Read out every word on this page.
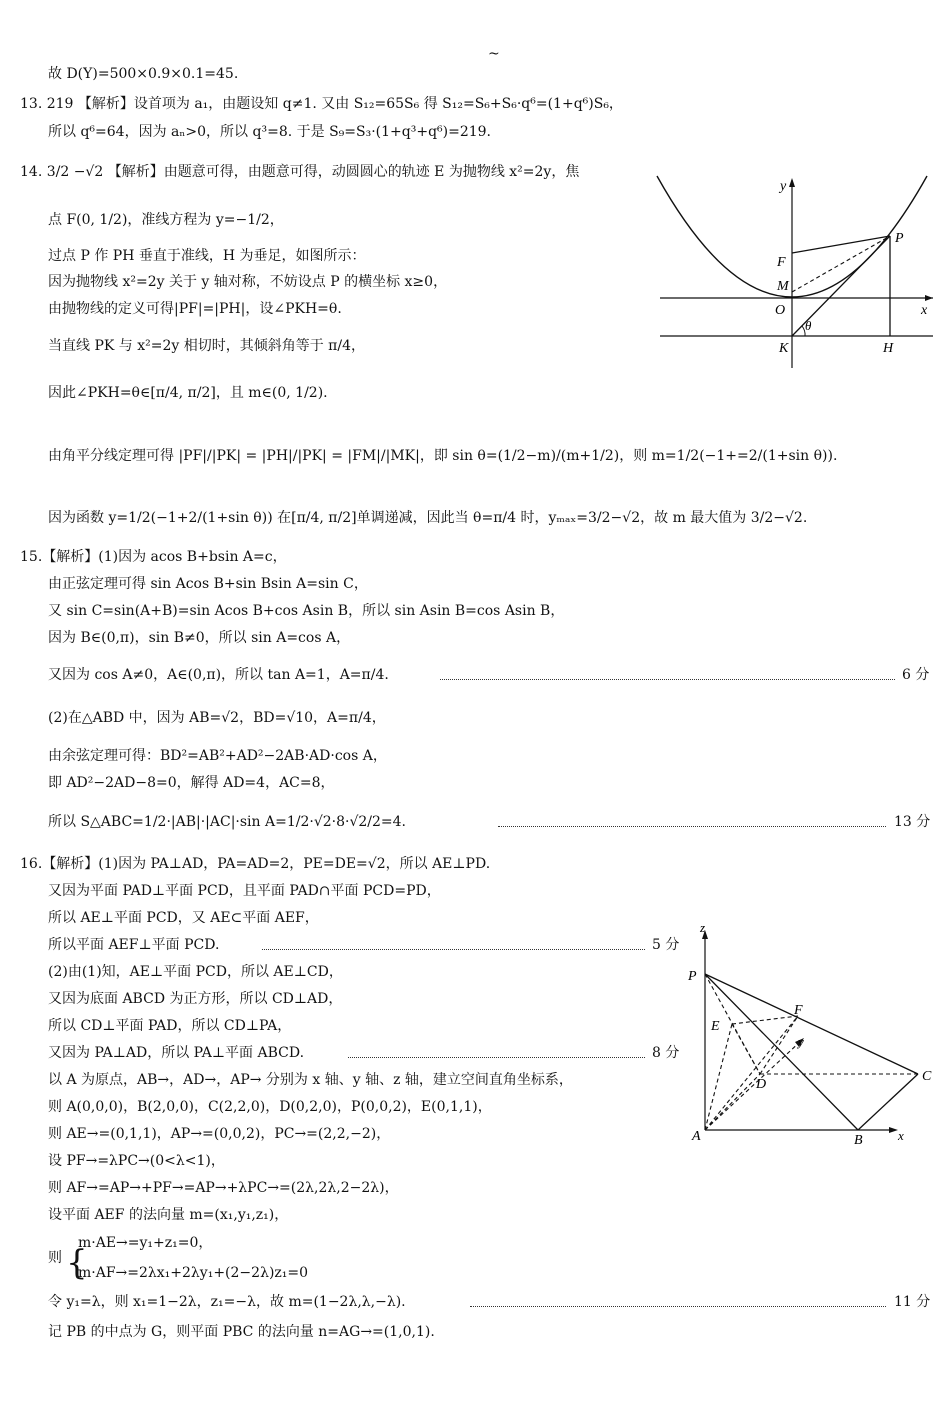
~
故 D(Y)=500×0.9×0.1=45.
13. 219 【解析】设首项为 a₁，由题设知 q≠1. 又由 S₁₂=65S₆ 得 S₁₂=S₆+S₆·q⁶=(1+q⁶)S₆，
所以 q⁶=64，因为 aₙ>0，所以 q³=8. 于是 S₉=S₃·(1+q³+q⁶)=219.
14. 3/2 −√2 【解析】由题意可得，由题意可得，动圆圆心的轨迹 E 为抛物线 x²=2y，焦
点 F(0, 1/2)，准线方程为 y=−1/2，
过点 P 作 PH 垂直于准线，H 为垂足，如图所示：
因为抛物线 x²=2y 关于 y 轴对称，不妨设点 P 的横坐标 x≥0，
由抛物线的定义可得|PF|=|PH|，设∠PKH=θ.
当直线 PK 与 x²=2y 相切时，其倾斜角等于 π/4，
因此∠PKH=θ∈[π/4, π/2]，且 m∈(0, 1/2).
由角平分线定理可得 |PF|/|PK| = |PH|/|PK| = |FM|/|MK|，即 sin θ=(1/2−m)/(m+1/2)，则 m=1/2(−1+=2/(1+sin θ)).
因为函数 y=1/2(−1+2/(1+sin θ)) 在[π/4, π/2]单调递减，因此当 θ=π/4 时，yₘₐₓ=3/2−√2，故 m 最大值为 3/2−√2.
15.【解析】(1)因为 acos B+bsin A=c，
由正弦定理可得 sin Acos B+sin Bsin A=sin C，
又 sin C=sin(A+B)=sin Acos B+cos Asin B，所以 sin Asin B=cos Asin B，
因为 B∈(0,π)，sin B≠0，所以 sin A=cos A，
又因为 cos A≠0，A∈(0,π)，所以 tan A=1，A=π/4.
(2)在△ABD 中，因为 AB=√2，BD=√10，A=π/4，
由余弦定理可得：BD²=AB²+AD²−2AB·AD·cos A，
即 AD²−2AD−8=0，解得 AD=4，AC=8，
所以 S△ABC=1/2·|AB|·|AC|·sin A=1/2·√2·8·√2/2=4.
16.【解析】(1)因为 PA⊥AD，PA=AD=2，PE=DE=√2，所以 AE⊥PD.
又因为平面 PAD⊥平面 PCD，且平面 PAD∩平面 PCD=PD，
所以 AE⊥平面 PCD，又 AE⊂平面 AEF，
所以平面 AEF⊥平面 PCD.
(2)由(1)知，AE⊥平面 PCD，所以 AE⊥CD，
又因为底面 ABCD 为正方形，所以 CD⊥AD，
所以 CD⊥平面 PAD，所以 CD⊥PA，
又因为 PA⊥AD，所以 PA⊥平面 ABCD.
以 A 为原点，AB→，AD→，AP→ 分别为 x 轴、y 轴、z 轴，建立空间直角坐标系，
则 A(0,0,0)，B(2,0,0)，C(2,2,0)，D(0,2,0)，P(0,0,2)，E(0,1,1)，
则 AE→=(0,1,1)，AP→=(0,0,2)，PC→=(2,2,−2)，
设 PF→=λPC→(0<λ<1)，
则 AF→=AP→+PF→=AP→+λPC→=(2λ,2λ,2−2λ)，
设平面 AEF 的法向量 m=(x₁,y₁,z₁)，
m·AE→=y₁+z₁=0，
则
m·AF→=2λx₁+2λy₁+(2−2λ)z₁=0
令 y₁=λ，则 x₁=1−2λ，z₁=−λ，故 m=(1−2λ,λ,−λ).
记 PB 的中点为 G，则平面 PBC 的法向量 n=AG→=(1,0,1).
6 分
13 分
5 分
8 分
11 分
y
x
F
P
M
O
θ
K	H
z
P
F
E
y
D
C
A	B	x
{
